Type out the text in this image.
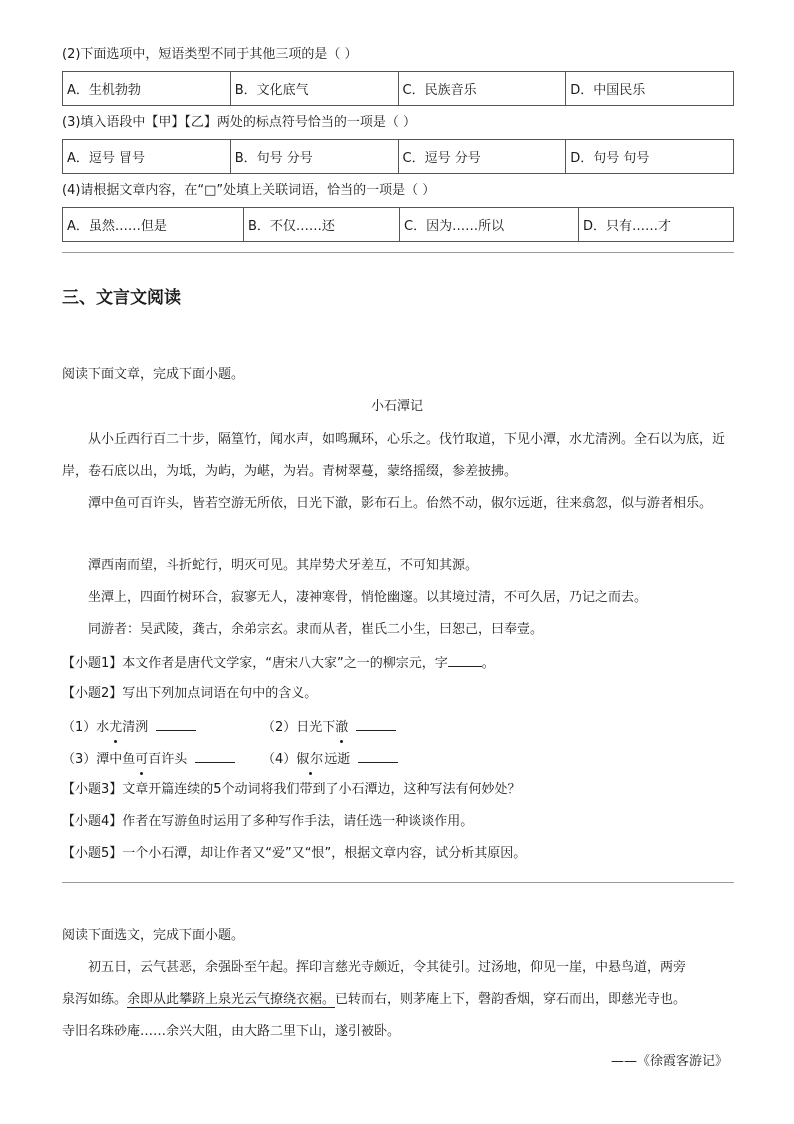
(2)下面选项中，短语类型不同于其他三项的是（ ）
A．生机勃勃	B．文化底气	C．民族音乐	D．中国民乐
(3)填入语段中【甲】【乙】两处的标点符号恰当的一项是（ ）
A．逗号 冒号	B．句号 分号	C．逗号 分号	D．句号 句号
(4)请根据文章内容，在“□”处填上关联词语，恰当的一项是（ ）
A．虽然……但是	B．不仅……还	C．因为……所以	D．只有……才
三、文言文阅读
阅读下面文章，完成下面小题。
小石潭记
从小丘西行百二十步，隔篁竹，闻水声，如鸣珮环，心乐之。伐竹取道，下见小潭，水尤清洌。全石以为底，近岸，卷石底以出，为坻，为屿，为嵁，为岩。青树翠蔓，蒙络摇缀，参差披拂。
潭中鱼可百许头，皆若空游无所依，日光下澈，影布石上。佁然不动，俶尔远逝，往来翕忽，似与游者相乐。
潭西南而望，斗折蛇行，明灭可见。其岸势犬牙差互，不可知其源。
坐潭上，四面竹树环合，寂寥无人，凄神寒骨，悄怆幽邃。以其境过清，不可久居，乃记之而去。
同游者：吴武陵，龚古，余弟宗玄。隶而从者，崔氏二小生，曰恕己，曰奉壹。
【小题1】本文作者是唐代文学家，“唐宋八大家”之一的柳宗元，字	。
【小题2】写出下列加点词语在句中的含义。
（1）水尤清洌	（2）日光下澈
（3）潭中鱼可百许头	（4）俶尔远逝
【小题3】文章开篇连续的5个动词将我们带到了小石潭边，这种写法有何妙处？
【小题4】作者在写游鱼时运用了多种写作手法，请任选一种谈谈作用。
【小题5】一个小石潭，却让作者又“爱”又“恨”，根据文章内容，试分析其原因。
阅读下面选文，完成下面小题。
初五日，云气甚恶，余强卧至午起。挥印言慈光寺颇近，令其徒引。过汤地，仰见一崖，中悬鸟道，两旁
泉泻如练。余即从此攀跻上泉光云气撩绕衣裾。已转而右，则茅庵上下，磬韵香烟，穿石而出，即慈光寺也。
寺旧名珠砂庵……余兴大阻，由大路二里下山，遂引被卧。
——《徐霞客游记》
